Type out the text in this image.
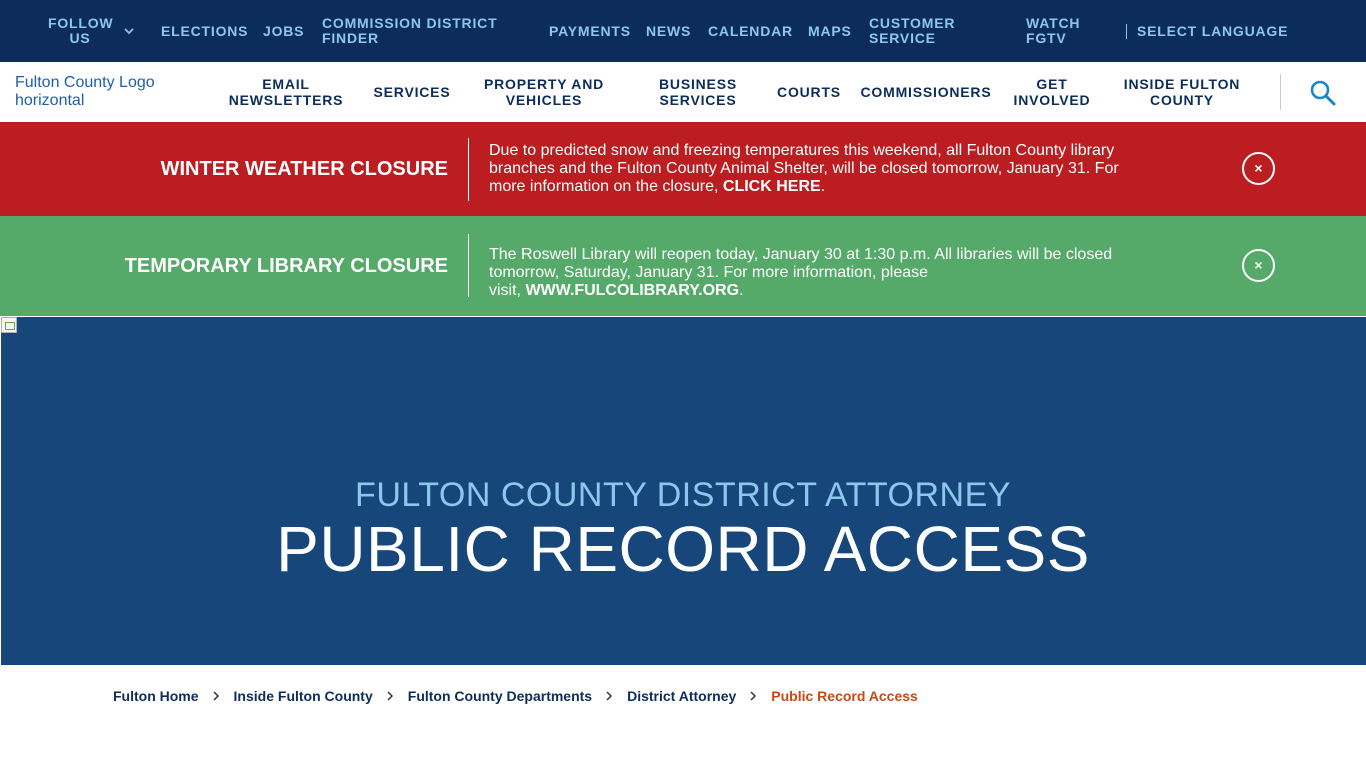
FOLLOW
US	ELECTIONS JOBS COMMISSION DISTRICT
FINDER	PAYMENTS NEWS CALENDAR MAPS CUSTOMER
SERVICE
WATCH
FGTV	SELECT LANGUAGE
Fulton County Logo horizontal
EMAIL
NEWSLETTERS	SERVICES	PROPERTY AND
VEHICLES
BUSINESS
SERVICES	COURTS	COMMISSIONERS	GET
INVOLVED
INSIDE FULTON
COUNTY
WINTER WEATHER CLOSURE
Due to predicted snow and freezing temperatures this weekend, all Fulton County library branches and the Fulton County Animal Shelter, will be closed tomorrow, January 31. For more information on the closure, CLICK HERE.
×
TEMPORARY LIBRARY CLOSURE
The Roswell Library will reopen today, January 30 at 1:30 p.m. All libraries will be closed
tomorrow, Saturday, January 31. For more information, please
visit, WWW.FULCOLIBRARY.ORG.
×
FULTON COUNTY DISTRICT ATTORNEY
PUBLIC RECORD ACCESS
Fulton Home	Inside Fulton County	Fulton County Departments	District Attorney	Public Record Access
